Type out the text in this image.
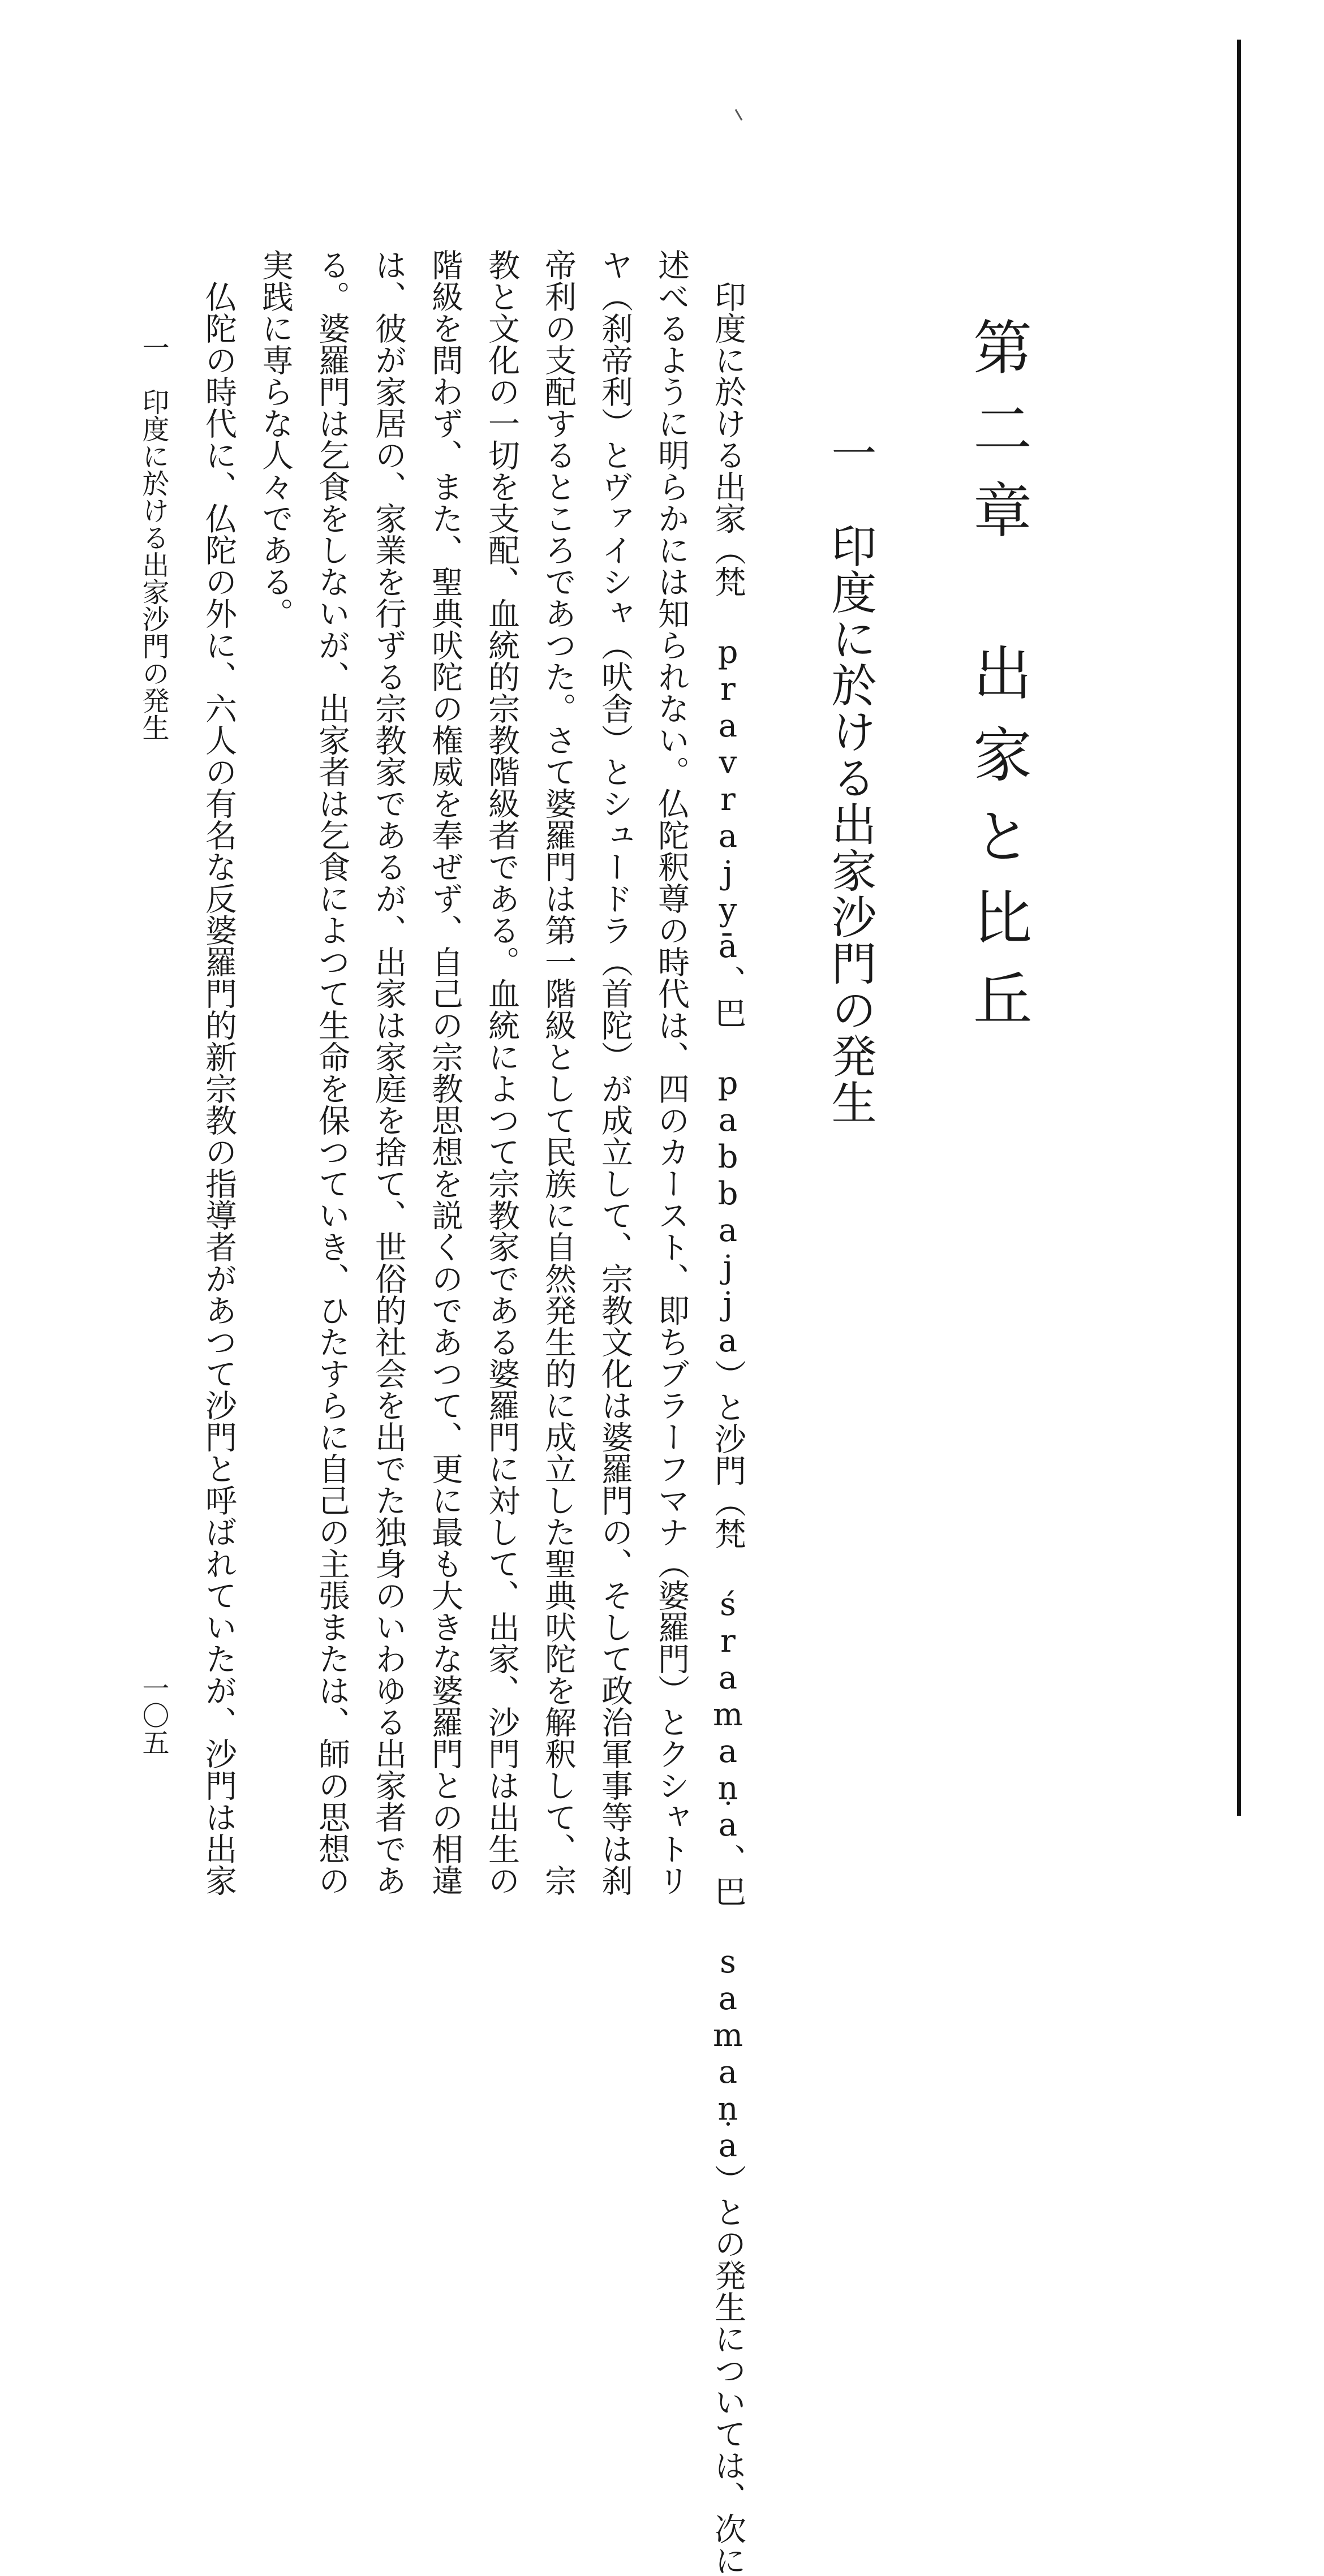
第二章　出家と比丘
一　印度に於ける出家沙門の発生
印度に於ける出家（梵 pravrajyā、巴 pabbajja）と沙門（梵 śramaṇa、巴 samaṇa）との発生については、次に
述べるように明らかには知られない。仏陀釈尊の時代は、四のカースト、即ちブラーフマナ（婆羅門）とクシャトリ
ヤ（刹帝利）とヴァイシャ（吠舎）とシュードラ（首陀）が成立して、宗教文化は婆羅門の、そして政治軍事等は刹
帝利の支配するところであつた。さて婆羅門は第一階級として民族に自然発生的に成立した聖典吠陀を解釈して、宗
教と文化の一切を支配、血統的宗教階級者である。血統によつて宗教家である婆羅門に対して、出家、沙門は出生の
階級を問わず、また、聖典吠陀の権威を奉ぜず、自己の宗教思想を説くのであつて、更に最も大きな婆羅門との相違
は、彼が家居の、家業を行ずる宗教家であるが、出家は家庭を捨て、世俗的社会を出でた独身のいわゆる出家者であ
る。婆羅門は乞食をしないが、出家者は乞食によつて生命を保つていき、ひたすらに自己の主張または、師の思想の
実践に専らな人々である。
仏陀の時代に、仏陀の外に、六人の有名な反婆羅門的新宗教の指導者があつて沙門と呼ばれていたが、沙門は出家
一　印度に於ける出家沙門の発生
一〇五
